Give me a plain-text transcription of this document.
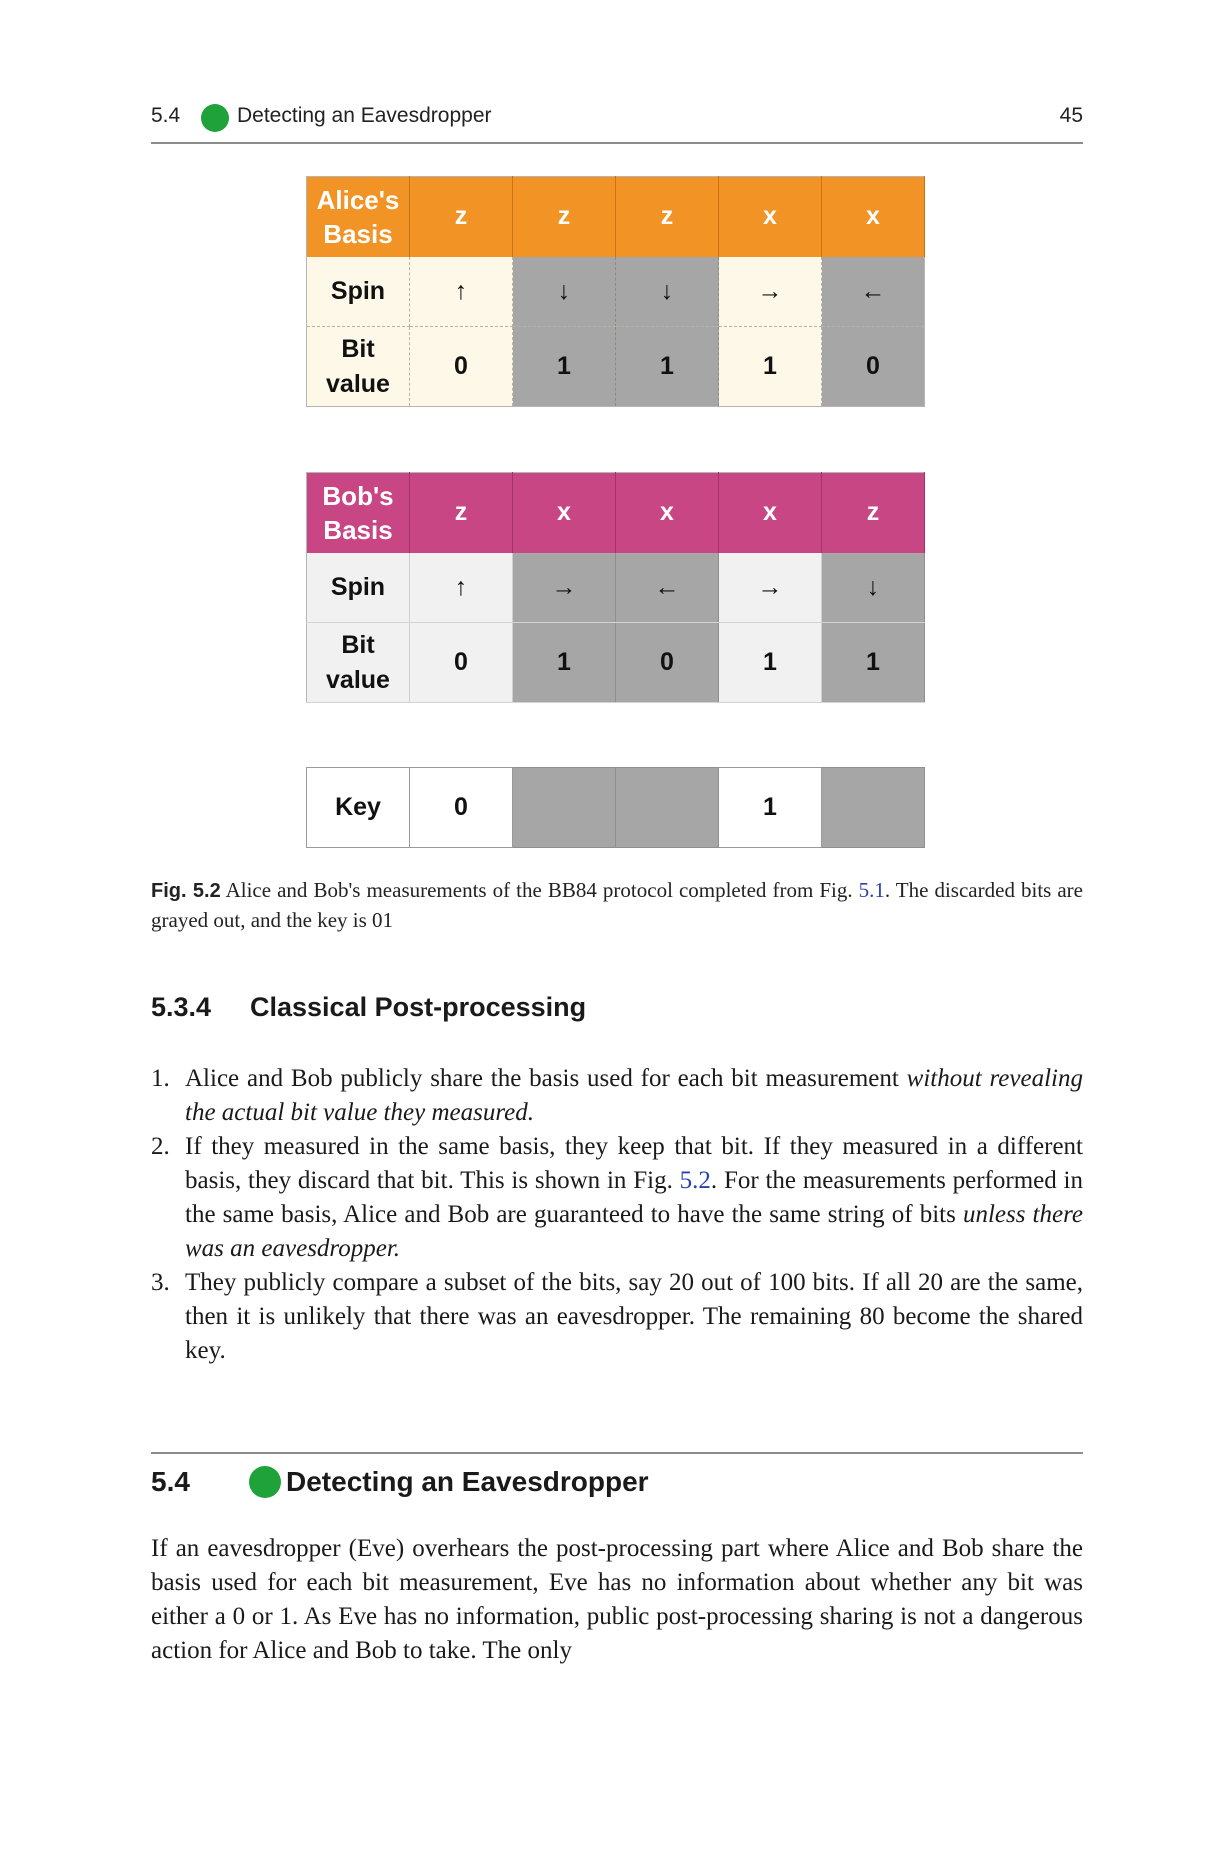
5.4	Detecting an Eavesdropper	45
Alice's
Basis	z	z	z	x	x
Spin	↑	↓	↓	→	←
Bit
value	0	1	1	1	0
Bob's
Basis	z	x	x	x	z
Spin	↑	→	←	→	↓
Bit
value	0	1	0	1	1
Key	0			1	
Fig. 5.2 Alice and Bob's measurements of the BB84 protocol completed from Fig. 5.1. The discarded bits are grayed out, and the key is 01
5.3.4 Classical Post-processing
1. Alice and Bob publicly share the basis used for each bit measurement without revealing the actual bit value they measured.
2. If they measured in the same basis, they keep that bit. If they measured in a different basis, they discard that bit. This is shown in Fig. 5.2. For the measurements performed in the same basis, Alice and Bob are guaranteed to have the same string of bits unless there was an eavesdropper.
3. They publicly compare a subset of the bits, say 20 out of 100 bits. If all 20 are the same, then it is unlikely that there was an eavesdropper. The remaining 80 become the shared key.
5.4	Detecting an Eavesdropper

If an eavesdropper (Eve) overhears the post-processing part where Alice and Bob share the basis used for each bit measurement, Eve has no information about whether any bit was either a 0 or 1. As Eve has no information, public post-processing sharing is not a dangerous action for Alice and Bob to take. The only
